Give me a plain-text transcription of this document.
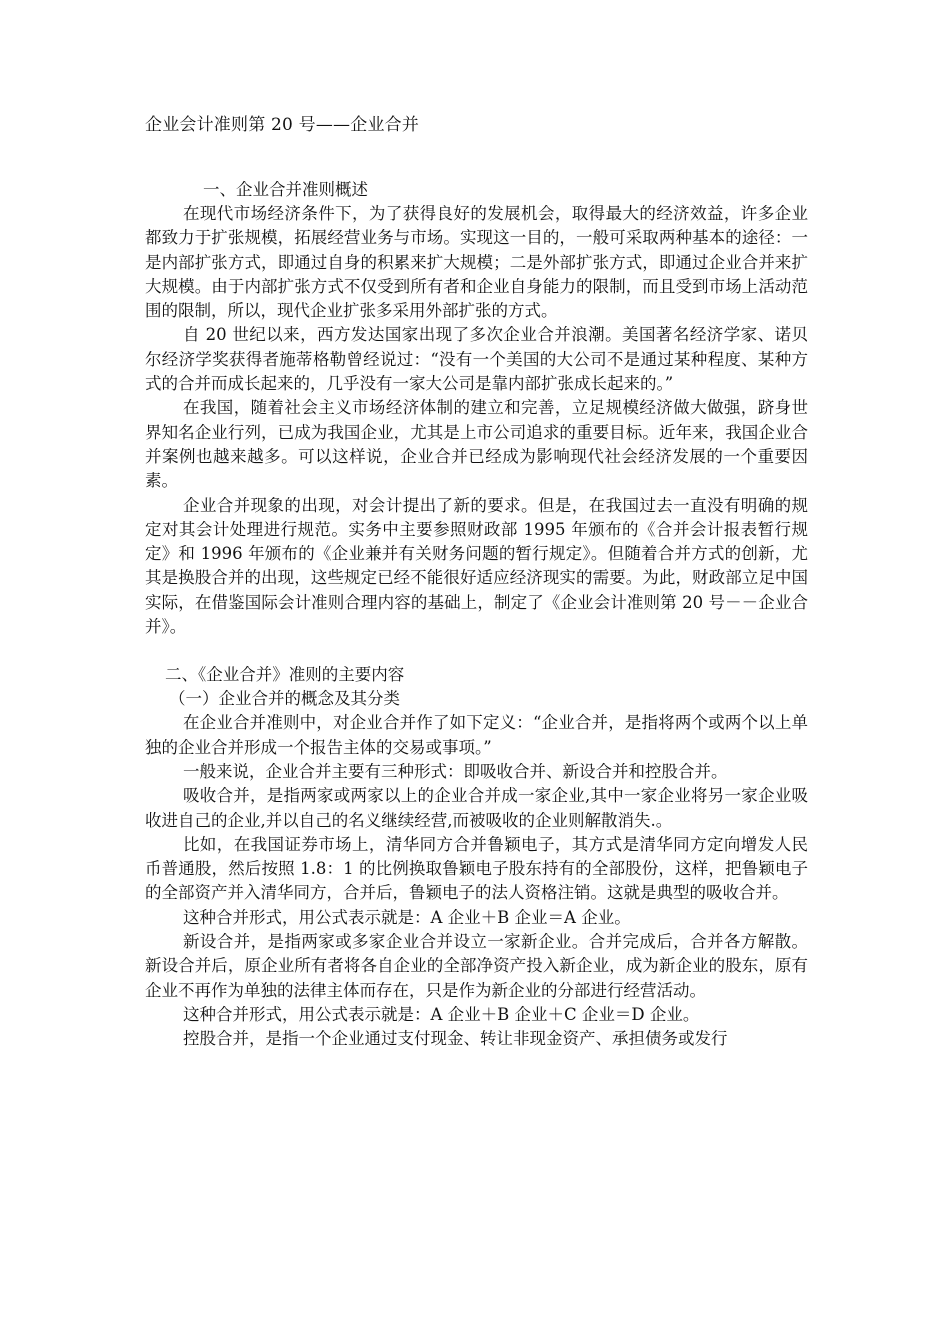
企业会计准则第 20 号——企业合并
一、企业合并准则概述

在现代市场经济条件下，为了获得良好的发展机会，取得最大的经济效益，许多企业都致力于扩张规模，拓展经营业务与市场。实现这一目的，一般可采取两种基本的途径：一是内部扩张方式，即通过自身的积累来扩大规模；二是外部扩张方式，即通过企业合并来扩大规模。由于内部扩张方式不仅受到所有者和企业自身能力的限制，而且受到市场上活动范围的限制，所以，现代企业扩张多采用外部扩张的方式。

自 20 世纪以来，西方发达国家出现了多次企业合并浪潮。美国著名经济学家、诺贝尔经济学奖获得者施蒂格勒曾经说过：“没有一个美国的大公司不是通过某种程度、某种方式的合并而成长起来的，几乎没有一家大公司是靠内部扩张成长起来的。”

在我国，随着社会主义市场经济体制的建立和完善，立足规模经济做大做强，跻身世界知名企业行列，已成为我国企业，尤其是上市公司追求的重要目标。近年来，我国企业合并案例也越来越多。可以这样说，企业合并已经成为影响现代社会经济发展的一个重要因素。

企业合并现象的出现，对会计提出了新的要求。但是，在我国过去一直没有明确的规定对其会计处理进行规范。实务中主要参照财政部 1995 年颁布的《合并会计报表暂行规定》和 1996 年颁布的《企业兼并有关财务问题的暂行规定》。但随着合并方式的创新，尤其是换股合并的出现，这些规定已经不能很好适应经济现实的需要。为此，财政部立足中国实际，在借鉴国际会计准则合理内容的基础上，制定了《企业会计准则第 20 号－－企业合并》。

二、《企业合并》准则的主要内容
（一）企业合并的概念及其分类

在企业合并准则中，对企业合并作了如下定义：“企业合并，是指将两个或两个以上单独的企业合并形成一个报告主体的交易或事项。”

一般来说，企业合并主要有三种形式：即吸收合并、新设合并和控股合并。

吸收合并，是指两家或两家以上的企业合并成一家企业,其中一家企业将另一家企业吸收进自己的企业,并以自己的名义继续经营,而被吸收的企业则解散消失.。

比如，在我国证券市场上，清华同方合并鲁颖电子，其方式是清华同方定向增发人民币普通股，然后按照 1.8：1 的比例换取鲁颖电子股东持有的全部股份，这样，把鲁颖电子的全部资产并入清华同方，合并后，鲁颖电子的法人资格注销。这就是典型的吸收合并。

这种合并形式，用公式表示就是：A 企业＋B 企业＝A 企业。

新设合并，是指两家或多家企业合并设立一家新企业。合并完成后，合并各方解散。新设合并后，原企业所有者将各自企业的全部净资产投入新企业，成为新企业的股东，原有企业不再作为单独的法律主体而存在，只是作为新企业的分部进行经营活动。

这种合并形式，用公式表示就是：A 企业＋B 企业＋C 企业＝D 企业。

控股合并，是指一个企业通过支付现金、转让非现金资产、承担债务或发行
